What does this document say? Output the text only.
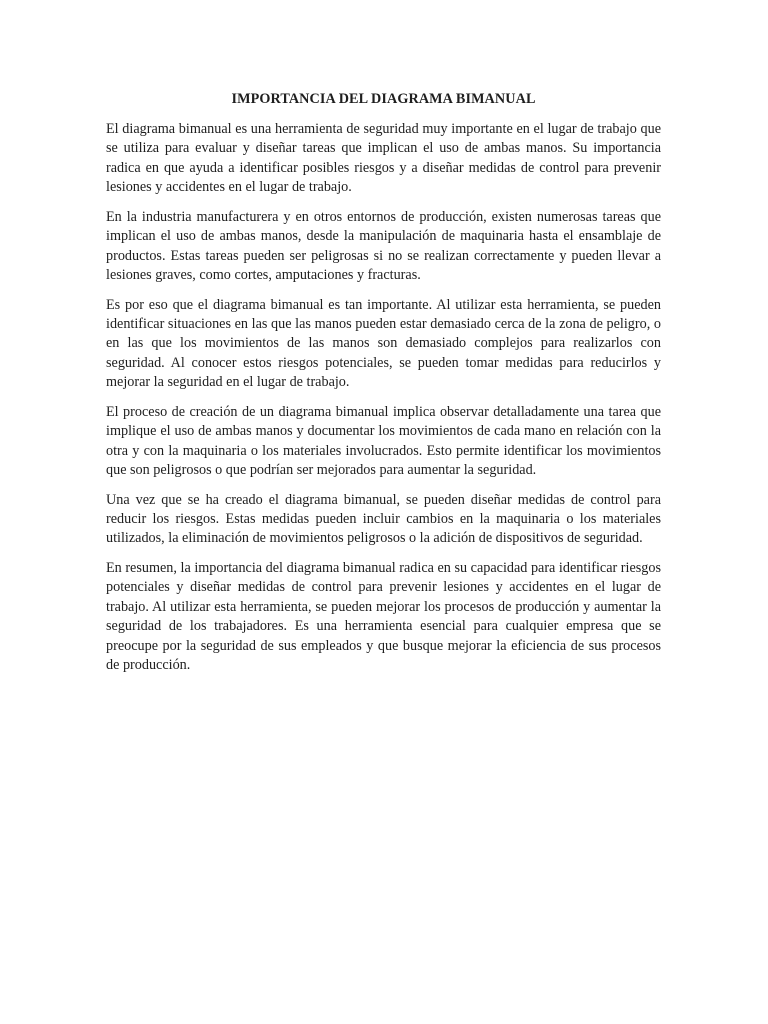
IMPORTANCIA DEL DIAGRAMA BIMANUAL

El diagrama bimanual es una herramienta de seguridad muy importante en el lugar de trabajo que se utiliza para evaluar y diseñar tareas que implican el uso de ambas manos. Su importancia radica en que ayuda a identificar posibles riesgos y a diseñar medidas de control para prevenir lesiones y accidentes en el lugar de trabajo.

En la industria manufacturera y en otros entornos de producción, existen numerosas tareas que implican el uso de ambas manos, desde la manipulación de maquinaria hasta el ensamblaje de productos. Estas tareas pueden ser peligrosas si no se realizan correctamente y pueden llevar a lesiones graves, como cortes, amputaciones y fracturas.

Es por eso que el diagrama bimanual es tan importante. Al utilizar esta herramienta, se pueden identificar situaciones en las que las manos pueden estar demasiado cerca de la zona de peligro, o en las que los movimientos de las manos son demasiado complejos para realizarlos con seguridad. Al conocer estos riesgos potenciales, se pueden tomar medidas para reducirlos y mejorar la seguridad en el lugar de trabajo.

El proceso de creación de un diagrama bimanual implica observar detalladamente una tarea que implique el uso de ambas manos y documentar los movimientos de cada mano en relación con la otra y con la maquinaria o los materiales involucrados. Esto permite identificar los movimientos que son peligrosos o que podrían ser mejorados para aumentar la seguridad.

Una vez que se ha creado el diagrama bimanual, se pueden diseñar medidas de control para reducir los riesgos. Estas medidas pueden incluir cambios en la maquinaria o los materiales utilizados, la eliminación de movimientos peligrosos o la adición de dispositivos de seguridad.

En resumen, la importancia del diagrama bimanual radica en su capacidad para identificar riesgos potenciales y diseñar medidas de control para prevenir lesiones y accidentes en el lugar de trabajo. Al utilizar esta herramienta, se pueden mejorar los procesos de producción y aumentar la seguridad de los trabajadores. Es una herramienta esencial para cualquier empresa que se preocupe por la seguridad de sus empleados y que busque mejorar la eficiencia de sus procesos de producción.
